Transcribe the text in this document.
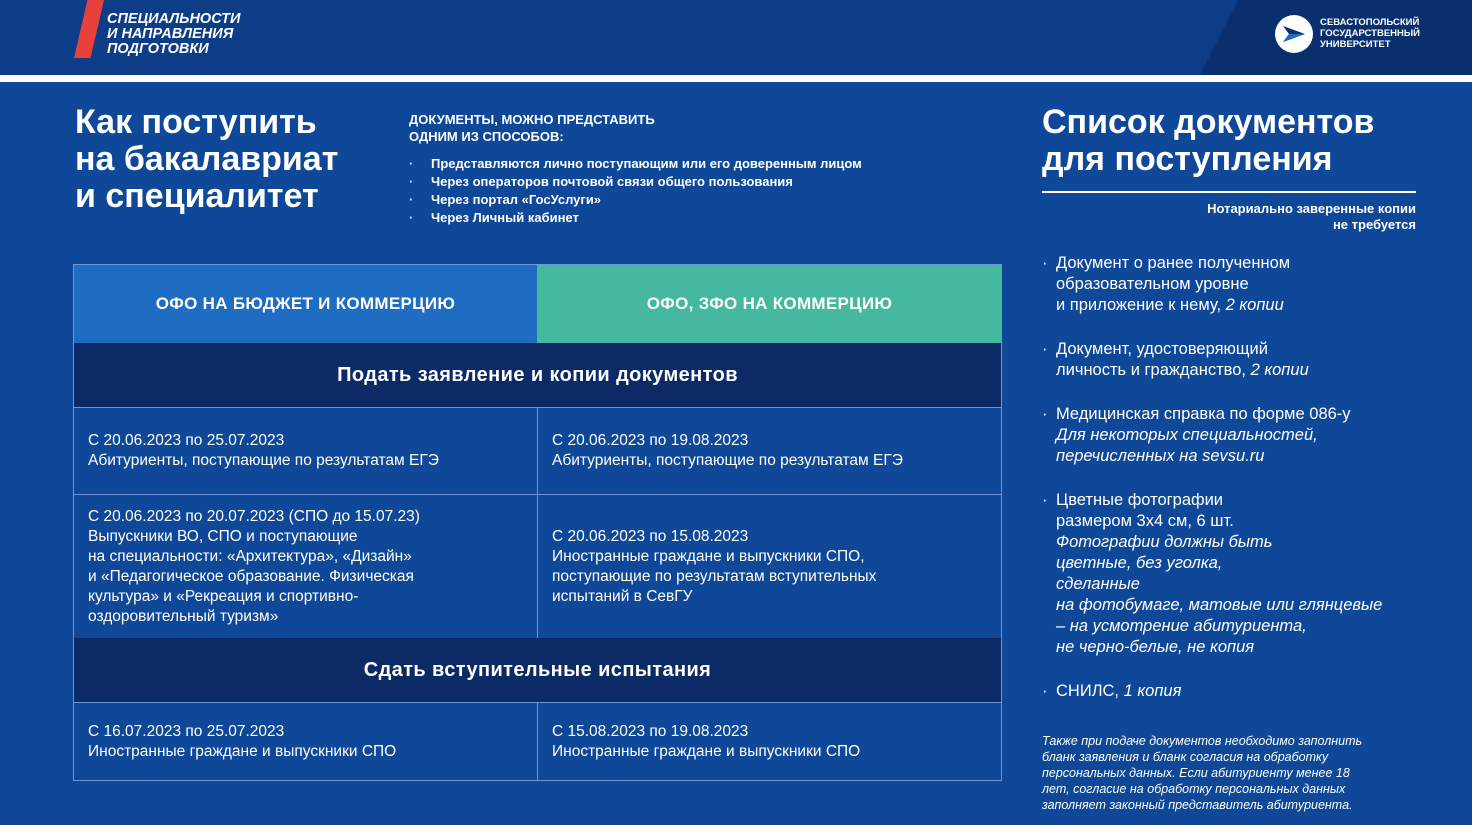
СПЕЦИАЛЬНОСТИ
И НАПРАВЛЕНИЯ
ПОДГОТОВКИ
СЕВАСТОПОЛЬСКИЙ
ГОСУДАРСТВЕННЫЙ
УНИВЕРСИТЕТ
Как поступить
на бакалавриат
и специалитет
ДОКУМЕНТЫ, МОЖНО ПРЕДСТАВИТЬ
ОДНИМ ИЗ СПОСОБОВ:
· Представляются лично поступающим или его доверенным лицом
· Через операторов почтовой связи общего пользования
· Через портал «ГосУслуги»
· Через Личный кабинет
ОФО НА БЮДЖЕТ И КОММЕРЦИЮ	ОФО, ЗФО НА КОММЕРЦИЮ
Подать заявление и копии документов
С 20.06.2023 по 25.07.2023
Абитуриенты, поступающие по результатам ЕГЭ
С 20.06.2023 по 19.08.2023
Абитуриенты, поступающие по результатам ЕГЭ
С 20.06.2023 по 20.07.2023 (СПО до 15.07.23)
Выпускники ВО, СПО и поступающие
на специальности: «Архитектура», «Дизайн»
и «Педагогическое образование. Физическая
культура» и «Рекреация и спортивно-
оздоровительный туризм»
С 20.06.2023 по 15.08.2023
Иностранные граждане и выпускники СПО,
поступающие по результатам вступительных
испытаний в СевГУ
Сдать вступительные испытания
С 16.07.2023 по 25.07.2023
Иностранные граждане и выпускники СПО
С 15.08.2023 по 19.08.2023
Иностранные граждане и выпускники СПО
Список документов
для поступления
Нотариально заверенные копии
не требуется
· Документ о ранее полученном
образовательном уровне
и приложение к нему, 2 копии
· Документ, удостоверяющий
личность и гражданство, 2 копии
· Медицинская справка по форме 086-у
Для некоторых специальностей,
перечисленных на sevsu.ru
· Цветные фотографии
размером 3x4 см, 6 шт.
Фотографии должны быть
цветные, без уголка,
сделанные
на фотобумаге, матовые или глянцевые
– на усмотрение абитуриента,
не черно-белые, не копия
· СНИЛС, 1 копия
Также при подаче документов необходимо заполнить
бланк заявления и бланк согласия на обработку
персональных данных. Если абитуриенту менее 18
лет, согласие на обработку персональных данных
заполняет законный представитель абитуриента.
